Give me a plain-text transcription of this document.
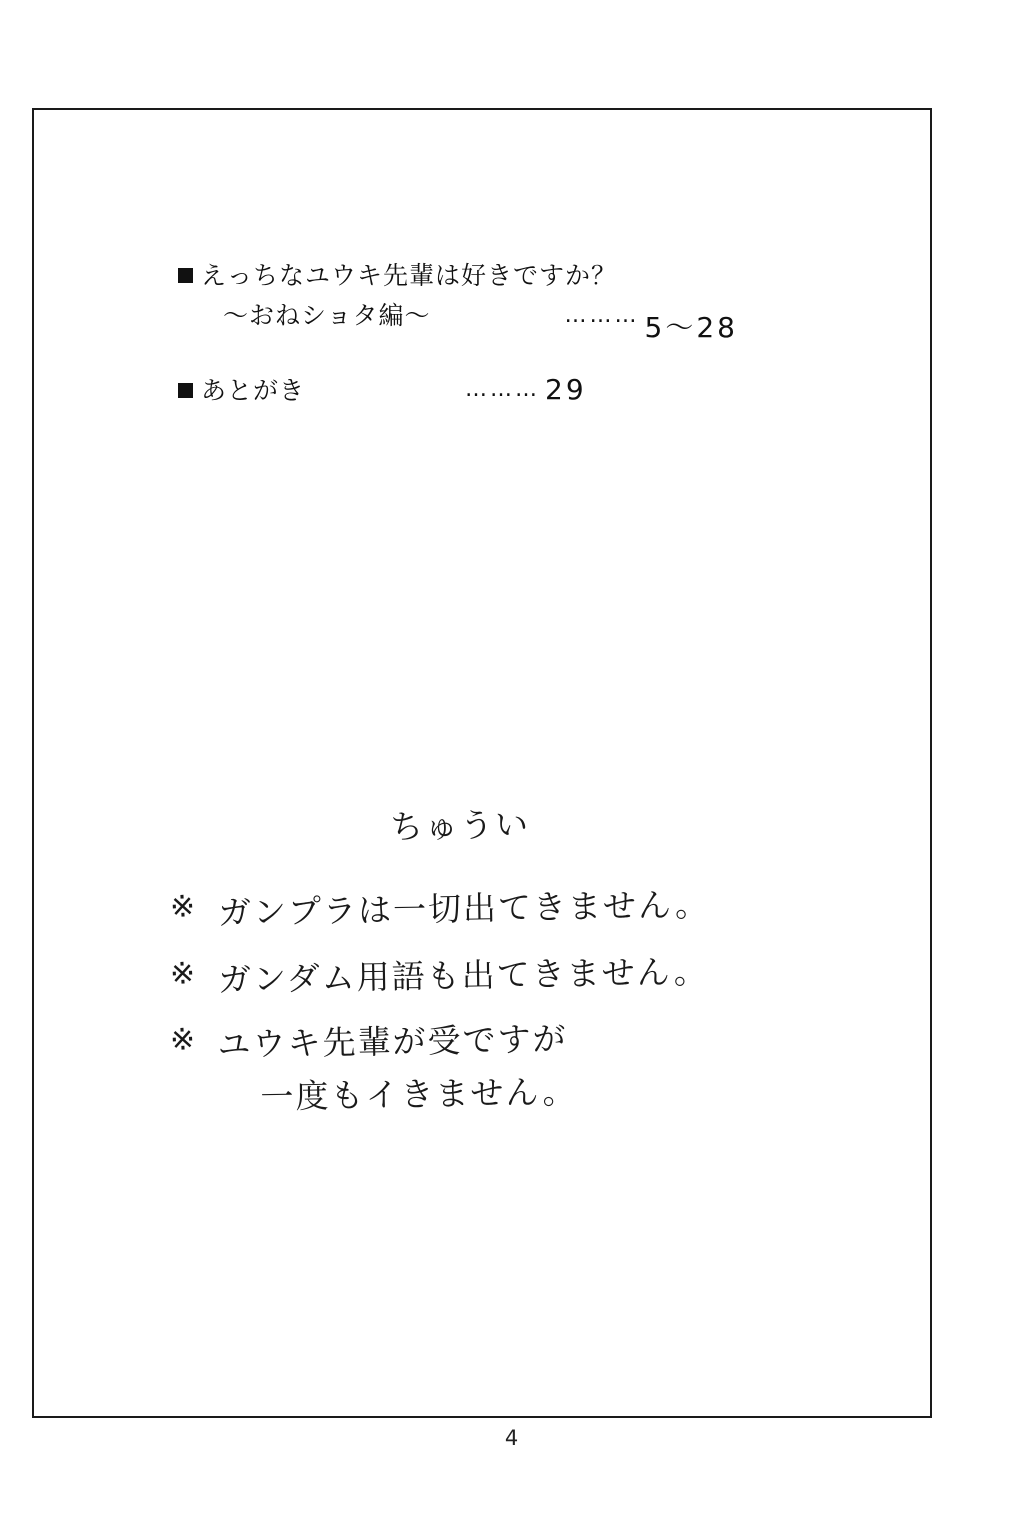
えっちなユウキ先輩は好きですか？
〜おねショタ編〜	……… 5〜28
あとがき	……… 29
ちゅうい
※ ガンプラは一切出てきません。
※ ガンダム用語も出てきません。
※ ユウキ先輩が受ですが
一度もイきません。
4
